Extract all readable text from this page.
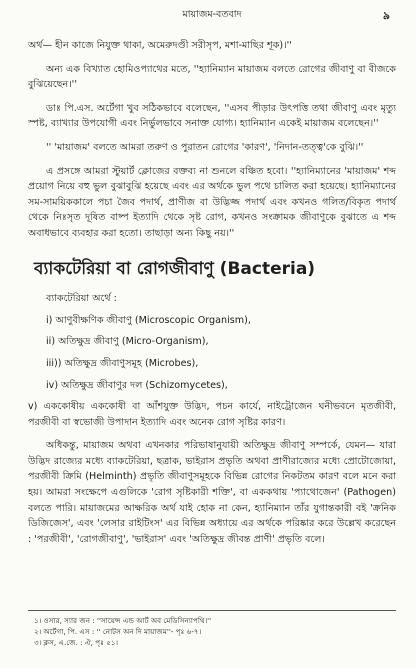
মায়াজম-বতবাদ	৯

অর্থ— হীন কাজে নিযুক্ত থাকা, অমেরুদণ্ডী সরীসৃপ, মশা-মাছির শূক)।''

অন্য এক বিখ্যাত হোমিওপ্যাথের মতে, ''হ্যানিম্যান মায়াজম বলতে রোগের জীবাণু বা বীজকে বুঝিয়েছেন।''

ডাঃ পি.এস. অর্টেগা খুব সঠিকভাবে বলেছেন, ''এসব পীড়ার উৎপত্তি তথা জীবাণু এবং মৃত্যু স্পষ্ট, ব্যাখ্যার উপযোগী এবং নির্ভুলভাবে সনাক্ত যোগ্য। হ্যানিম্যান একেই মায়াজম বলেছেন।''

'' 'মায়াজম' বলতে আমরা তরুণ ও পুরাতন রোগের 'কারণ', 'নিদান-তত্ত্ব'কে বুঝি।''

এ প্রসঙ্গে আমরা স্টুয়ার্ট ক্লোজের বক্তব্য না শুনলে বঞ্চিত হবো। ''হ্যানিম্যানের 'মায়াজম' শব্দ প্রয়োগ নিয়ে বহু ভুল বুঝাবুঝি হয়েছে এবং এর অর্থকে ভুল পথে চালিত করা হয়েছে। হ্যানিম্যানের সম-সাময়িককালে পচা জৈব পদার্থ, প্রাণীজ বা উদ্ভিজ্জ পদার্থ এবং কখনও গলিত/বিকৃত পদার্থ থেকে নিঃসৃত দূষিত বাষ্প ইত্যাদি থেকে সৃষ্ট রোগ, কখনও সংক্রামক জীবাণুকে বুঝাতে এ শব্দ অবাধভাবে ব্যবহার করা হতো। তাছাড়া অন্য কিছু নয়।''

ব্যাকটেরিয়া বা রোগজীবাণু (Bacteria)

ব্যাকটেরিয়া অর্থে :

i) আণুবীক্ষণিক জীবাণু (Microscopic Organism),
ii) অতিক্ষুদ্র জীবাণু (Micro-Organism),
iii)) অতিক্ষুদ্র জীবাণুসমূহ (Microbes),
iv) অতিক্ষুদ্র জীবাণুর দল (Schizomycetes),

v) এককোষীয় এককোষী বা আঁশযুক্ত উদ্ভিদ, পচন কার্যে, নাইট্রোজেন ঘনীভবনে মৃতজীবী, পরজীবী বা স্বভোজী উপাদান ইত্যাদি এবং অনেক রোগ সৃষ্টির কারণ।

অধিকন্তু, মায়াজম অথবা এখনকার পরিভাষানুযায়ী অতিক্ষুদ্র জীবাণু সম্পর্কে, যেমন— যারা উদ্ভিদ রাজ্যের মধ্যে ব্যাকটেরিয়া, ছত্রাক, ভাইরাস প্রভৃতি অথবা প্রাণীরাজ্যের মধ্যে প্রোটোজোয়া, পরজীবী ক্রিমি (Helminth) প্রভৃতি জীবাণুসমূহকে বিভিন্ন রোগের নিকটতম কারণ বলে মনে করা হয়। আমরা সংক্ষেপে এগুলিকে 'রোগ সৃষ্টিকারী শক্তি', বা এককথায় 'প্যাথোজেন' (Pathogen) বলতে পারি। মায়াজমের আক্ষরিক অর্থ যাই হোক না কেন, হ্যানিম্যান তাঁর যুগান্তকারী বই 'ক্রনিক ডিজিজেস', এবং 'লেসার রাইটিংস' এর বিভিন্ন অধ্যায়ে এর অর্থকে পরিষ্কার করে উল্লেখ করেছেন : 'পরজীবী', 'রোগজীবাণু', 'ভাইরাস' এবং 'অতিক্ষুদ্র জীবন্ত প্রাণী' প্রভৃতি বলে।

১। ওসার, স্যার জন : ''সায়েন্স এন্ড আর্ট অব মেডিসিন্যাপথি।''
২। অর্টেগা, পি. এস : '' নোটস অন দি মায়াজম''- পৃঃ ৬-৭।
৩। ক্লস, এ.জে. : ঐ, পৃঃ ৫১।
